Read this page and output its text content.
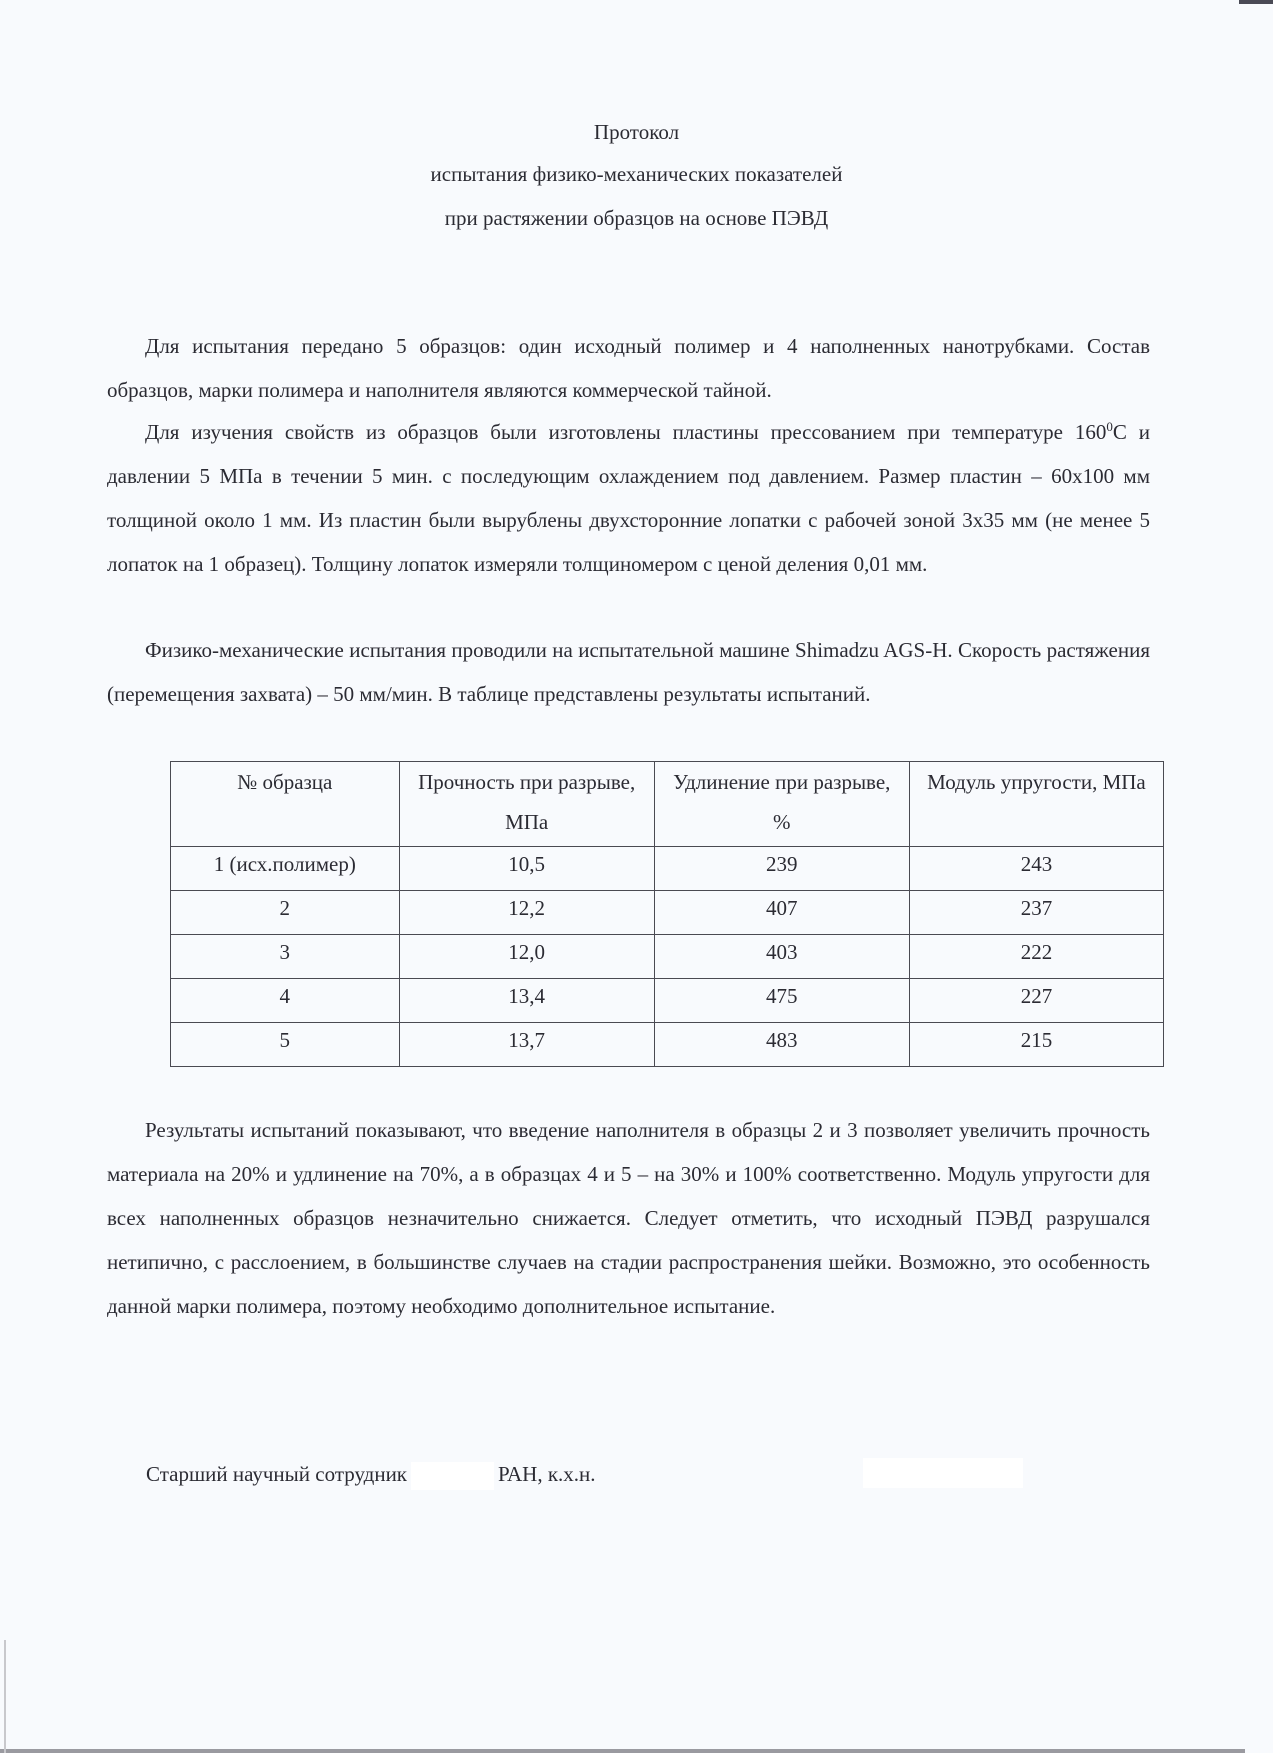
Протокол
испытания физико-механических показателей
при растяжении образцов на основе ПЭВД

Для испытания передано 5 образцов: один исходный полимер и 4 наполненных нанотрубками. Состав образцов, марки полимера и наполнителя являются коммерческой тайной.

Для изучения свойств из образцов были изготовлены пластины прессованием при температуре $160^0С$ и давлении 5 МПа в течении 5 мин. с последующим охлаждением под давлением. Размер пластин – 60х100 мм толщиной около 1 мм. Из пластин были вырублены двухсторонние лопатки с рабочей зоной 3х35 мм (не менее 5 лопаток на 1 образец). Толщину лопаток измеряли толщиномером с ценой деления 0,01 мм.

Физико-механические испытания проводили на испытательной машине Shimadzu AGS-H. Скорость растяжения (перемещения захвата) – 50 мм/мин. В таблице представлены результаты испытаний.

№ образца	Прочность при разрыве, МПа	Удлинение при разрыве, %	Модуль упругости, МПа

1 (исх.полимер)	10,5	239	243
2	12,2	407	237
3	12,0	403	222
4	13,4	475	227
5	13,7	483	215

Результаты испытаний показывают, что введение наполнителя в образцы 2 и 3 позволяет увеличить прочность материала на 20% и удлинение на 70%, а в образцах 4 и 5 – на 30% и 100% соответственно. Модуль упругости для всех наполненных образцов незначительно снижается. Следует отметить, что исходный ПЭВД разрушался нетипично, с расслоением, в большинстве случаев на стадии распространения шейки. Возможно, это особенность данной марки полимера, поэтому необходимо дополнительное испытание.

Старший научный сотрудник	РАН, к.х.н.
